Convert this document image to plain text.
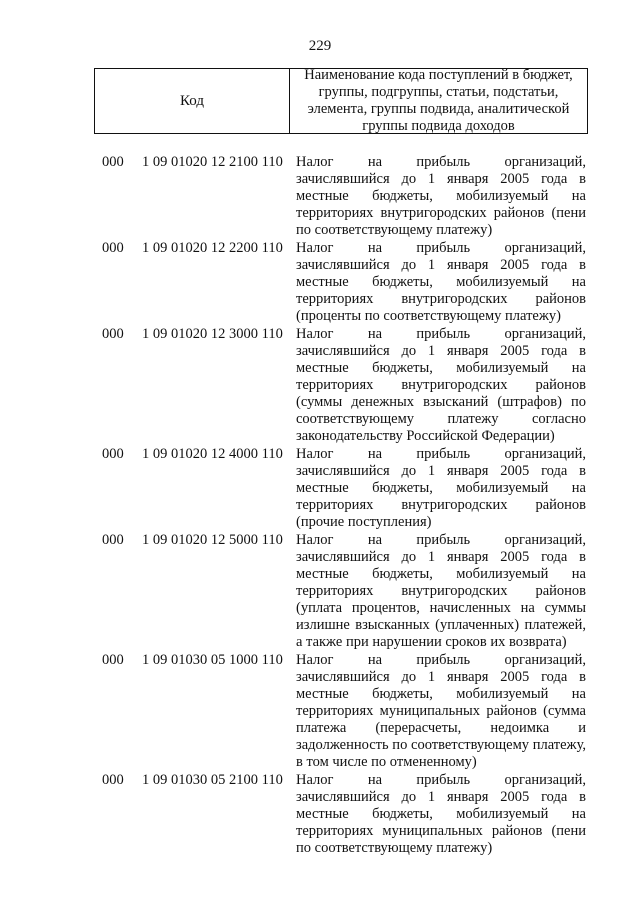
229
Код
Наименование кода поступлений в бюджет, группы, подгруппы, статьи, подстатьи, элемента, группы подвида, аналитической группы подвида доходов
000 1 09 01020 12 2100 110 Налог на прибыль организаций, зачислявшийся до 1 января 2005 года в местные бюджеты, мобилизуемый на территориях внутригородских районов (пени по соответствующему платежу)
000 1 09 01020 12 2200 110 Налог на прибыль организаций, зачислявшийся до 1 января 2005 года в местные бюджеты, мобилизуемый на территориях внутригородских районов (проценты по соответствующему платежу)
000 1 09 01020 12 3000 110 Налог на прибыль организаций, зачислявшийся до 1 января 2005 года в местные бюджеты, мобилизуемый на территориях внутригородских районов (суммы денежных взысканий (штрафов) по соответствующему платежу согласно законодательству Российской Федерации)
000 1 09 01020 12 4000 110 Налог на прибыль организаций, зачислявшийся до 1 января 2005 года в местные бюджеты, мобилизуемый на территориях внутригородских районов (прочие поступления)
000 1 09 01020 12 5000 110 Налог на прибыль организаций, зачислявшийся до 1 января 2005 года в местные бюджеты, мобилизуемый на территориях внутригородских районов (уплата процентов, начисленных на суммы излишне взысканных (уплаченных) платежей, а также при нарушении сроков их возврата)
000 1 09 01030 05 1000 110 Налог на прибыль организаций, зачислявшийся до 1 января 2005 года в местные бюджеты, мобилизуемый на территориях муниципальных районов (сумма платежа (перерасчеты, недоимка и задолженность по соответствующему платежу, в том числе по отмененному)
000 1 09 01030 05 2100 110 Налог на прибыль организаций, зачислявшийся до 1 января 2005 года в местные бюджеты, мобилизуемый на территориях муниципальных районов (пени по соответствующему платежу)
